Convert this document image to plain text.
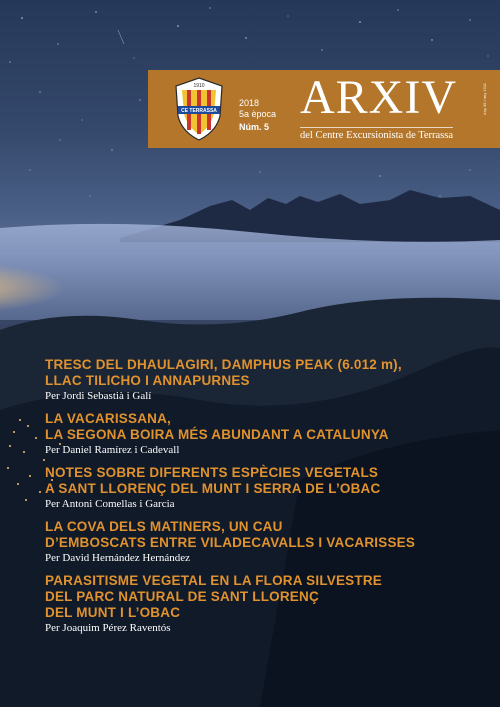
CE TERRASSA
1910
2018
5a època
Núm. 5
ARXIV
del Centre Excursionista de Terrassa
Any 49 / any 1911
TRESC DEL DHAULAGIRI, DAMPHUS PEAK (6.012 m),
LLAC TILICHO I ANNAPURNES
Per Jordi Sebastià i Galí
LA VACARISSANA,
LA SEGONA BOIRA MÉS ABUNDANT A CATALUNYA
Per Daniel Ramírez i Cadevall
NOTES SOBRE DIFERENTS ESPÈCIES VEGETALS
A SANT LLORENÇ DEL MUNT I SERRA DE L’OBAC
Per Antoni Comellas i Garcia
LA COVA DELS MATINERS, UN CAU
D’EMBOSCATS ENTRE VILADECAVALLS I VACARISSES
Per David Hernández Hernández
PARASITISME VEGETAL EN LA FLORA SILVESTRE
DEL PARC NATURAL DE SANT LLORENÇ
DEL MUNT I L’OBAC
Per Joaquim Pérez Raventós
